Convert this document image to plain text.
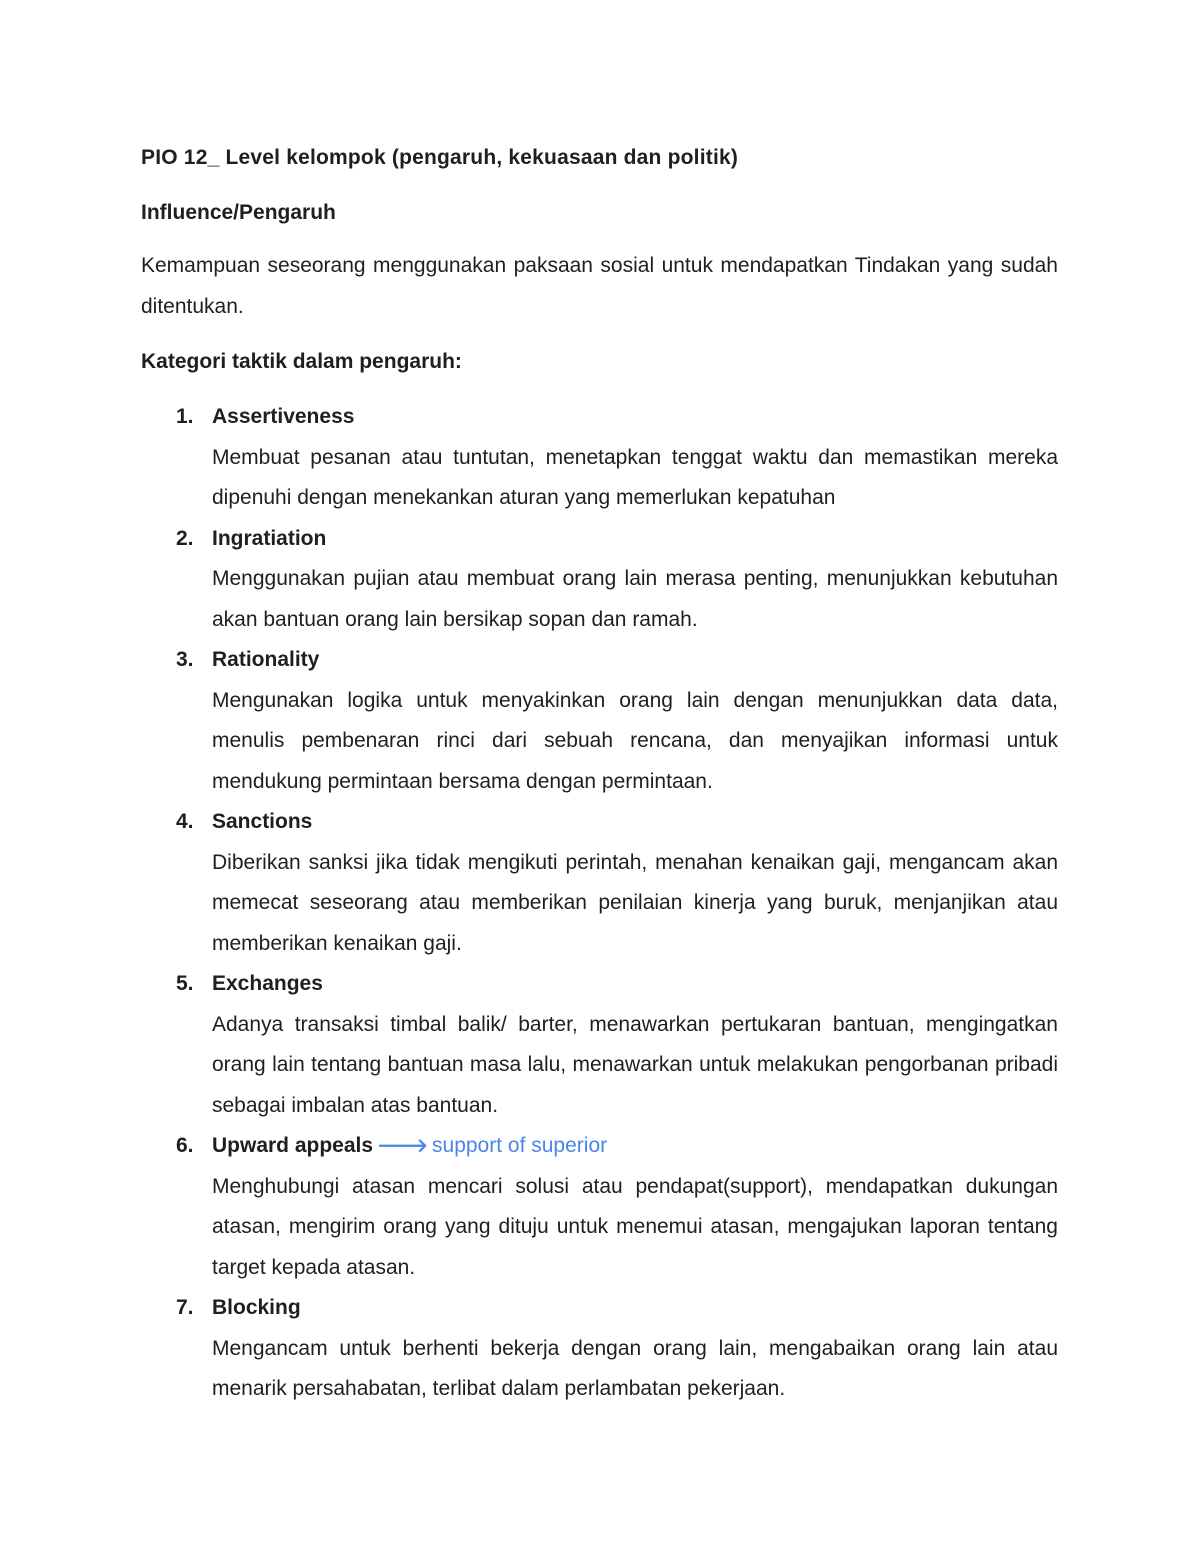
PIO 12_ Level kelompok (pengaruh, kekuasaan dan politik)
Influence/Pengaruh

Kemampuan seseorang menggunakan paksaan sosial untuk mendapatkan Tindakan yang sudah ditentukan.

Kategori taktik dalam pengaruh:
1. Assertiveness

Membuat pesanan atau tuntutan, menetapkan tenggat waktu dan memastikan mereka dipenuhi dengan menekankan aturan yang memerlukan kepatuhan

2. Ingratiation

Menggunakan pujian atau membuat orang lain merasa penting, menunjukkan kebutuhan akan bantuan orang lain bersikap sopan dan ramah.

3. Rationality

Mengunakan logika untuk menyakinkan orang lain dengan menunjukkan data data, menulis pembenaran rinci dari sebuah rencana, dan menyajikan informasi untuk mendukung permintaan bersama dengan permintaan.

4. Sanctions

Diberikan sanksi jika tidak mengikuti perintah, menahan kenaikan gaji, mengancam akan memecat seseorang atau memberikan penilaian kinerja yang buruk, menjanjikan atau memberikan kenaikan gaji.

5. Exchanges

Adanya transaksi timbal balik/ barter, menawarkan pertukaran bantuan, mengingatkan orang lain tentang bantuan masa lalu, menawarkan untuk melakukan pengorbanan pribadi sebagai imbalan atas bantuan.

6. Upward appeals 🡒 support of superior

Menghubungi atasan mencari solusi atau pendapat(support), mendapatkan dukungan atasan, mengirim orang yang dituju untuk menemui atasan, mengajukan laporan tentang target kepada atasan.

7. Blocking

Mengancam untuk berhenti bekerja dengan orang lain, mengabaikan orang lain atau menarik persahabatan, terlibat dalam perlambatan pekerjaan.
